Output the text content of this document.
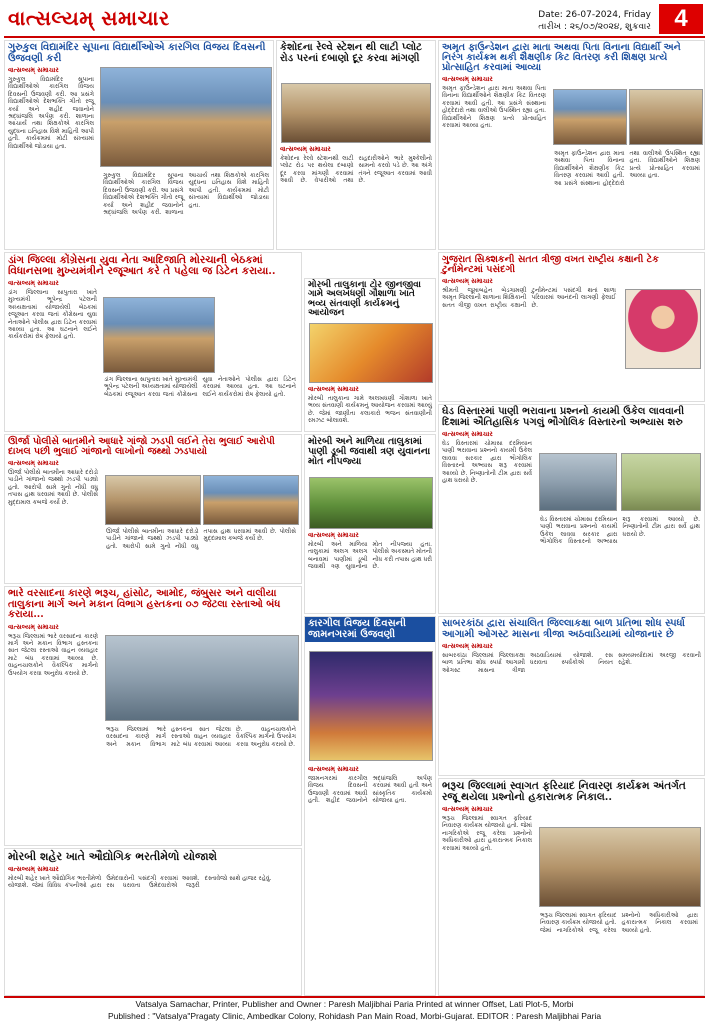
વાત્સલ્યમ્ સમાચાર	Date: 26-07-2024, Friday
તારીખ : ૨૬/૦૭/૨૦૨૪, શુક્રવાર 4
ગુરુકુલ વિદ્યામંદિર સૂપાના વિદ્યાર્થીઓએ કારગિલ વિજય દિવસની ઉજવણી કરી
વાત્સલ્યમ્ સમાચાર
ગુરુકુલ વિદ્યામંદિર સૂપાના વિદ્યાર્થીઓએ કારગિલ વિજય દિવસની ઉજવણી કરી. આ પ્રસંગે વિદ્યાર્થીઓએ દેશભક્તિ ગીતો રજૂ કર્યા અને શહીદ જવાનોને શ્રદ્ધાંજલિ અર્પણ કરી. શાળાના આચાર્ય તથા શિક્ષકોએ કારગિલ યુદ્ધના ઇતિહાસ વિશે માહિતી આપી હતી. કાર્યક્રમમાં મોટી સંખ્યામાં વિદ્યાર્થીઓ જોડાયા હતા.
ગુરુકુલ વિદ્યામંદિર સૂપાના વિદ્યાર્થીઓએ કારગિલ વિજય દિવસની ઉજવણી કરી. આ પ્રસંગે વિદ્યાર્થીઓએ દેશભક્તિ ગીતો રજૂ કર્યા અને શહીદ જવાનોને શ્રદ્ધાંજલિ અર્પણ કરી. શાળાના આચાર્ય તથા શિક્ષકોએ કારગિલ યુદ્ધના ઇતિહાસ વિશે માહિતી આપી હતી. કાર્યક્રમમાં મોટી સંખ્યામાં વિદ્યાર્થીઓ જોડાયા હતા.
કેશોદના રેલ્વે સ્ટેશન થી લાટી પ્લોટ રોડ પરનાં દબાણો દૂર કરવા માંગણી
વાત્સલ્યમ્ સમાચાર
કેશોદના રેલ્વે સ્ટેશનથી લાટી પ્લોટ રોડ પર થયેલા દબાણો દૂર કરવા માંગણી કરવામાં આવી છે. વેપારીઓ તથા રાહદારીઓને ભારે મુશ્કેલીનો સામનો કરવો પડે છે. આ અંગે તંત્રને રજૂઆત કરવામાં આવી છે.
અમૃત ફાઉન્ડેશન દ્વારા માતા અથવા પિતા વિનાના વિદ્યાર્થી અને નિરંગ કાર્યક્રમ થકી શૈક્ષણીક કિટ વિતરણ કરી શિક્ષણ પ્રત્યે પ્રોત્સાહિત કરવામાં આવ્યા
વાત્સલ્યમ્ સમાચાર
અમૃત ફાઉન્ડેશન દ્વારા માતા અથવા પિતા વિનાના વિદ્યાર્થીઓને શૈક્ષણીક કિટ વિતરણ કરવામાં આવી હતી. આ પ્રસંગે સંસ્થાના હોદ્દેદારો તથા વાલીઓ ઉપસ્થિત રહ્યા હતા. વિદ્યાર્થીઓને શિક્ષણ પ્રત્યે પ્રોત્સાહિત કરવામાં આવ્યા હતા.
અમૃત ફાઉન્ડેશન દ્વારા માતા અથવા પિતા વિનાના વિદ્યાર્થીઓને શૈક્ષણીક કિટ વિતરણ કરવામાં આવી હતી. આ પ્રસંગે સંસ્થાના હોદ્દેદારો તથા વાલીઓ ઉપસ્થિત રહ્યા હતા. વિદ્યાર્થીઓને શિક્ષણ પ્રત્યે પ્રોત્સાહિત કરવામાં આવ્યા હતા.
ગુજરાત સિક્શકની સતત ત્રીજી વખત રાષ્ટ્રીય કક્ષાની ટેક ટુર્નામેન્ટમાં પસંદગી
વાત્સલ્યમ્ સમાચાર
શ્રીમતી જૂમાબહેન બેડગામણી અમૃત જિલ્લાની શાળાના શિક્ષિકાની સતત ત્રીજી વખત રાષ્ટ્રીય કક્ષાની ટુર્નામેન્ટમાં પસંદગી થતાં શાળા પરિવારમાં આનંદની લાગણી ફેલાઈ છે.
ડાંગ જિલ્લા કોંગ્રેસના યુવા નેતા આદિજાતિ મોરચાની બેઠકમાં વિધાનસભા મુખ્યમંત્રીને રજૂઆત કરે તે પહેલા જ ડિટેન કરાયા..
વાત્સલ્યમ્ સમાચાર
ડાંગ જિલ્લાના સાપુતારા ખાતે મુખ્યમંત્રી ભૂપેન્દ્ર પટેલની અધ્યક્ષતામાં યોજાયેલી બેઠકમાં રજૂઆત કરવા જતાં કોંગ્રેસના યુવા નેતાઓને પોલીસ દ્વારા ડિટેન કરવામાં આવ્યા હતા. આ ઘટનાને લઈને કાર્યકરોમાં રોષ ફેલાયો હતો.
ડાંગ જિલ્લાના સાપુતારા ખાતે મુખ્યમંત્રી ભૂપેન્દ્ર પટેલની અધ્યક્ષતામાં યોજાયેલી બેઠકમાં રજૂઆત કરવા જતાં કોંગ્રેસના યુવા નેતાઓને પોલીસ દ્વારા ડિટેન કરવામાં આવ્યા હતા. આ ઘટનાને લઈને કાર્યકરોમાં રોષ ફેલાયો હતો.
મોરબી તાલુકાના ટોર જીનજીવા ગામે અલખધણી ગૌશાળા ખાતે ભવ્ય સંતવાણી કાર્યક્રમનું આયોજન
વાત્સલ્યમ્ સમાચાર
મોરબી તાલુકાના ગામે અલખધણી ગૌશાળા ખાતે ભવ્ય સંતવાણી કાર્યક્રમનું આયોજન કરવામાં આવ્યું છે. જેમાં જાણીતા કલાકારો ભજન સંતવાણીની રમઝટ બોલાવશે.
ઘેડ વિસ્તારમાં પાણી ભરાવાના પ્રશ્નનો કાયમી ઉકેલ લાવવાની દિશામાં ઐતિહાસિક પગલું ભૌગોલિક વિસ્તારનો અભ્યાસ શરુ
વાત્સલ્યમ્ સમાચાર
ઘેડ વિસ્તારમાં ચોમાસા દરમિયાન પાણી ભરાવાના પ્રશ્નનો કાયમી ઉકેલ લાવવા સરકાર દ્વારા ભૌગોલિક વિસ્તારનો અભ્યાસ શરૂ કરવામાં આવ્યો છે. નિષ્ણાતોની ટીમ દ્વારા સર્વે હાથ ધરાયો છે.
ઘેડ વિસ્તારમાં ચોમાસા દરમિયાન પાણી ભરાવાના પ્રશ્નનો કાયમી ઉકેલ લાવવા સરકાર દ્વારા ભૌગોલિક વિસ્તારનો અભ્યાસ શરૂ કરવામાં આવ્યો છે. નિષ્ણાતોની ટીમ દ્વારા સર્વે હાથ ધરાયો છે.
ઊર્જા પોલીસે બાતમીને આધારે ગાંજો ઝડપી લઈને તેરા ભુલાઈ આરોપી દાખલ પછી ભુલાઈ ગાંજાનો લાખોનો જથ્થો ઝડપાયો
વાત્સલ્યમ્ સમાચાર
ઊર્જા પોલીસે બાતમીના આધારે દરોડો પાડીને ગાંજાનો જથ્થો ઝડપી પાડ્યો હતો. આરોપી સામે ગુનો નોંધી વધુ તપાસ હાથ ધરવામાં આવી છે. પોલીસે મુદ્દામાલ કબજે કર્યો છે.
ઊર્જા પોલીસે બાતમીના આધારે દરોડો પાડીને ગાંજાનો જથ્થો ઝડપી પાડ્યો હતો. આરોપી સામે ગુનો નોંધી વધુ તપાસ હાથ ધરવામાં આવી છે. પોલીસે મુદ્દામાલ કબજે કર્યો છે.
મોરબી અને માળિયા તાલુકામાં પાણી ડૂબી જવાથી ત્રણ યુવાનના મોત નીપજ્યા
વાત્સલ્યમ્ સમાચાર
મોરબી અને માળિયા તાલુકામાં અલગ અલગ બનાવમાં પાણીમાં ડૂબી જવાથી ત્રણ યુવાનોના મોત નીપજ્યા હતા. પોલીસે અકસ્માતે મોતની નોંધ કરી તપાસ હાથ ધરી છે.
ભારે વરસાદના કારણે ભરૂચ, હાંસોટ, આમોદ, જંબુસર અને વાલીયા તાલુકાના માર્ગ અને મકાન વિભાગ હસ્તકના ૦૭ જેટલા રસ્તાઓ બંધ કરાયા...
વાત્સલ્યમ્ સમાચાર
ભરૂચ જિલ્લામાં ભારે વરસાદના કારણે માર્ગ અને મકાન વિભાગ હસ્તકના સાત જેટલા રસ્તાઓ વાહન વ્યવહાર માટે બંધ કરવામાં આવ્યા છે. વાહનચાલકોને વૈકલ્પિક માર્ગનો ઉપયોગ કરવા અનુરોધ કરાયો છે.
ભરૂચ જિલ્લામાં ભારે વરસાદના કારણે માર્ગ અને મકાન વિભાગ હસ્તકના સાત જેટલા રસ્તાઓ વાહન વ્યવહાર માટે બંધ કરવામાં આવ્યા છે. વાહનચાલકોને વૈકલ્પિક માર્ગનો ઉપયોગ કરવા અનુરોધ કરાયો છે.
સાબરકાંઠા દ્વારા સંચાલિત જિલ્લાકક્ષા બાળ પ્રતિભા શોધ સ્પર્ધા આગામી ઓગસ્ટ માસના ત્રીજા અઠવાડિયામાં યોજાનાર છે
વાત્સલ્યમ્ સમાચાર
સાબરકાંઠા જિલ્લામાં જિલ્લાકક્ષા બાળ પ્રતિભા શોધ સ્પર્ધા આગામી ઓગસ્ટ માસના ત્રીજા અઠવાડિયામાં યોજાશે. રસ ધરાવતા સ્પર્ધકોએ નિયત સમયમર્યાદામાં અરજી કરવાની રહેશે.
કારગીલ વિજય દિવસની જામનગરમાં ઉજવણી
વાત્સલ્યમ્ સમાચાર
જામનગરમાં કારગીલ વિજય દિવસની ઉજવણી કરવામાં આવી હતી. શહીદ જવાનોને શ્રદ્ધાંજલિ અર્પણ કરવામાં આવી હતી અને સાંસ્કૃતિક કાર્યક્રમો યોજાયા હતા.
ભરૂચ જિલ્લામાં સ્વાગત ફરિયાદ નિવારણ કાર્યક્રમ અંતર્ગત રજૂ થયેલા પ્રશ્નોનો હકારાત્મક નિકાલ..
વાત્સલ્યમ્ સમાચાર
ભરૂચ જિલ્લામાં સ્વાગત ફરિયાદ નિવારણ કાર્યક્રમ યોજાયો હતો. જેમાં નાગરિકોએ રજૂ કરેલા પ્રશ્નોનો અધિકારીઓ દ્વારા હકારાત્મક નિકાલ કરવામાં આવ્યો હતો.
ભરૂચ જિલ્લામાં સ્વાગત ફરિયાદ નિવારણ કાર્યક્રમ યોજાયો હતો. જેમાં નાગરિકોએ રજૂ કરેલા પ્રશ્નોનો અધિકારીઓ દ્વારા હકારાત્મક નિકાલ કરવામાં આવ્યો હતો.
મોરબી શહેર ખાતે ઔદ્યોગિક ભરતીમેળો યોજાશે
વાત્સલ્યમ્ સમાચાર
મોરબી શહેર ખાતે ઔદ્યોગિક ભરતીમેળો યોજાશે. જેમાં વિવિધ કંપનીઓ દ્વારા ઉમેદવારોની પસંદગી કરવામાં આવશે. રસ ધરાવતા ઉમેદવારોએ જરૂરી દસ્તાવેજો સાથે હાજર રહેવું.
Vatsalya Samachar, Printer, Publisher and Owner : Paresh Maljibhai Paria Printed at winner Offset, Lati Plot-5, Morbi
Published : "Vatsalya"Pragaty Clinic, Ambedkar Colony, Rohidash Pan Main Road, Morbi-Gujarat. EDITOR : Paresh Maljibhai Paria
